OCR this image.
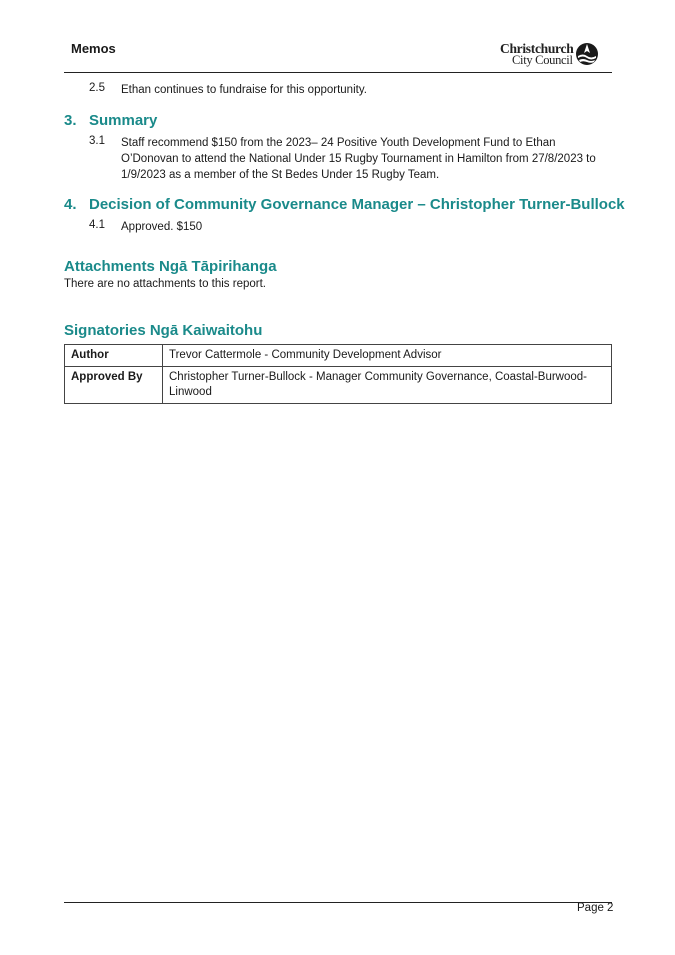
Memos	Christchurch
City Council
2.5 Ethan continues to fundraise for this opportunity.
3. Summary
3.1 Staff recommend $150 from the 2023– 24 Positive Youth Development Fund to Ethan
O’Donovan to attend the National Under 15 Rugby Tournament in Hamilton from 27/8/2023 to
1/9/2023 as a member of the St Bedes Under 15 Rugby Team.
4. Decision of Community Governance Manager – Christopher Turner-Bullock
4.1 Approved. $150
Attachments Ngā Tāpirihanga
There are no attachments to this report.
Signatories Ngā Kaiwaitohu
Author	Trevor Cattermole - Community Development Advisor
Approved By	Christopher Turner-Bullock - Manager Community Governance, Coastal-Burwood-
Linwood
Page 2
